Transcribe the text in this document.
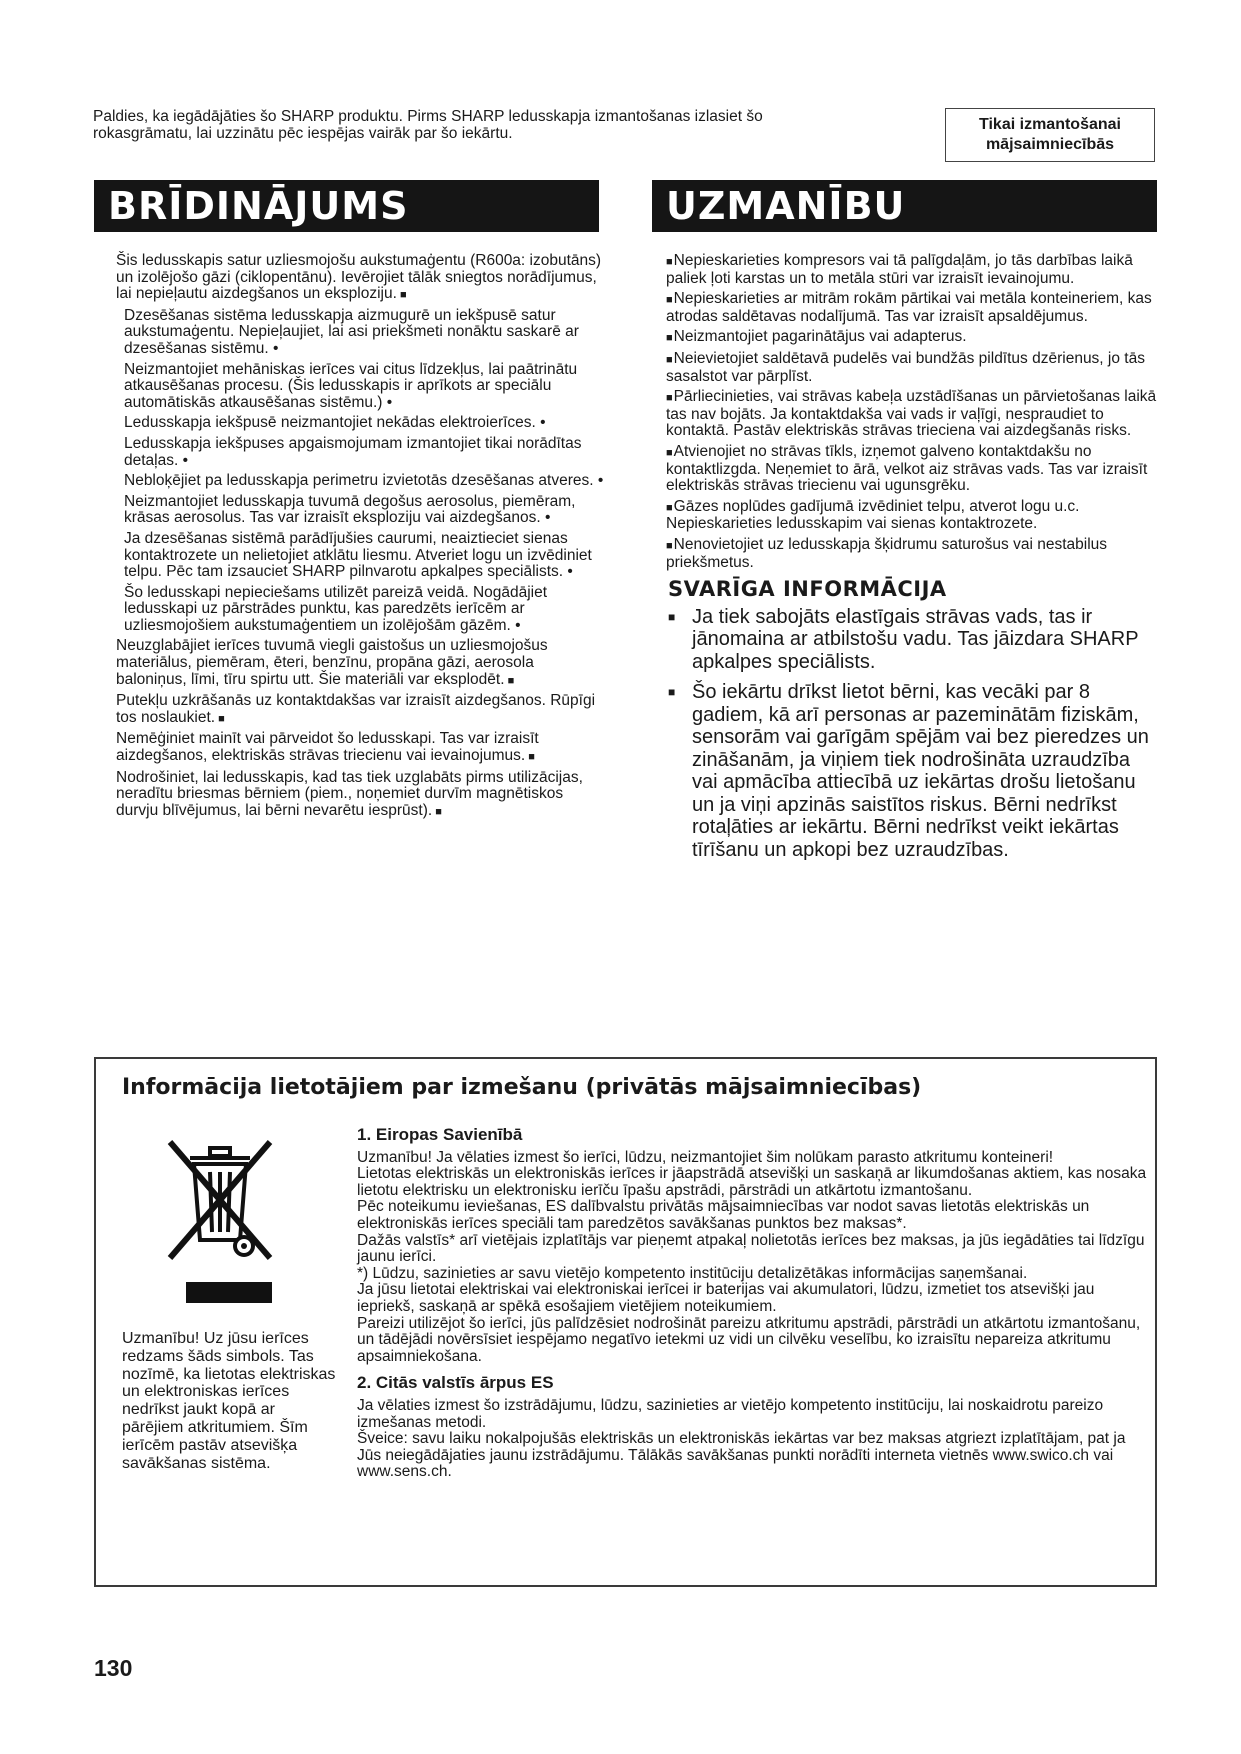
Paldies, ka iegādājāties šo SHARP produktu. Pirms SHARP ledusskapja izmantošanas izlasiet šo
rokasgrāmatu, lai uzzinātu pēc iespējas vairāk par šo iekārtu.
Tikai izmantošanai
mājsaimniecībās
BRĪDINĀJUMS	UZMANĪBU

Šis ledusskapis satur uzliesmojošu aukstumaģentu (R600a: izobutāns) un izolējošo gāzi (ciklopentānu). Ievērojiet tālāk sniegtos norādījumus, lai nepieļautu aizdegšanos un eksploziju. ■

Dzesēšanas sistēma ledusskapja aizmugurē un iekšpusē satur aukstumaģentu. Nepieļaujiet, lai asi priekšmeti nonāktu saskarē ar dzesēšanas sistēmu. •

Neizmantojiet mehāniskas ierīces vai citus līdzekļus, lai paātrinātu atkausēšanas procesu. (Šis ledusskapis ir aprīkots ar speciālu automātiskās atkausēšanas sistēmu.) •

Ledusskapja iekšpusē neizmantojiet nekādas elektroierīces. •

Ledusskapja iekšpuses apgaismojumam izmantojiet tikai norādītas detaļas. •

Nebloķējiet pa ledusskapja perimetru izvietotās dzesēšanas atveres. •

Neizmantojiet ledusskapja tuvumā degošus aerosolus, piemēram, krāsas aerosolus. Tas var izraisīt eksploziju vai aizdegšanos. •

Ja dzesēšanas sistēmā parādījušies caurumi, neaiztieciet sienas kontaktrozete un nelietojiet atklātu liesmu. Atveriet logu un izvēdiniet telpu. Pēc tam izsauciet SHARP pilnvarotu apkalpes speciālists. •

Šo ledusskapi nepieciešams utilizēt pareizā veidā. Nogādājiet ledusskapi uz pārstrādes punktu, kas paredzēts ierīcēm ar uzliesmojošiem aukstumaģentiem un izolējošām gāzēm. •

Neuzglabājiet ierīces tuvumā viegli gaistošus un uzliesmojošus materiālus, piemēram, ēteri, benzīnu, propāna gāzi, aerosola baloniņus, līmi, tīru spirtu utt. Šie materiāli var eksplodēt. ■

Putekļu uzkrāšanās uz kontaktdakšas var izraisīt aizdegšanos. Rūpīgi tos noslaukiet. ■

Nemēģiniet mainīt vai pārveidot šo ledusskapi. Tas var izraisīt aizdegšanos, elektriskās strāvas triecienu vai ievainojumus. ■

Nodrošiniet, lai ledusskapis, kad tas tiek uzglabāts pirms utilizācijas, neradītu briesmas bērniem (piem., noņemiet durvīm magnētiskos durvju blīvējumus, lai bērni nevarētu iesprūst). ■

■ Nepieskarieties kompresors vai tā palīgdaļām, jo tās darbības laikā paliek ļoti karstas un to metāla stūri var izraisīt ievainojumu.

■ Nepieskarieties ar mitrām rokām pārtikai vai metāla konteineriem, kas atrodas saldētavas nodalījumā. Tas var izraisīt apsaldējumus.

■ Neizmantojiet pagarinātājus vai adapterus.

■ Neievietojiet saldētavā pudelēs vai bundžās pildītus dzērienus, jo tās sasalstot var pārplīst.

■ Pārliecinieties, vai strāvas kabeļa uzstādīšanas un pārvietošanas laikā tas nav bojāts. Ja kontaktdakša vai vads ir vaļīgi, nespraudiet to kontaktā. Pastāv elektriskās strāvas trieciena vai aizdegšanās risks.

■ Atvienojiet no strāvas tīkls, izņemot galveno kontaktdakšu no kontaktlizgda. Neņemiet to ārā, velkot aiz strāvas vads. Tas var izraisīt elektriskās strāvas triecienu vai ugunsgrēku.

■ Gāzes noplūdes gadījumā izvēdiniet telpu, atverot logu u.c. Nepieskarieties ledusskapim vai sienas kontaktrozete.

■ Nenovietojiet uz ledusskapja šķidrumu saturošus vai nestabilus priekšmetus.

SVARĪGA INFORMĀCIJA
■ Ja tiek sabojāts elastīgais strāvas vads, tas ir jānomaina ar atbilstošu vadu. Tas jāizdara SHARP apkalpes speciālists.
■ Šo iekārtu drīkst lietot bērni, kas vecāki par 8 gadiem, kā arī personas ar pazeminātām fiziskām, sensorām vai garīgām spējām vai bez pieredzes un zināšanām, ja viņiem tiek nodrošināta uzraudzība vai apmācība attiecībā uz iekārtas drošu lietošanu un ja viņi apzinās saistītos riskus. Bērni nedrīkst rotaļāties ar iekārtu. Bērni nedrīkst veikt iekārtas tīrīšanu un apkopi bez uzraudzības.
Informācija lietotājiem par izmešanu (privātās mājsaimniecības)
Uzmanību! Uz jūsu ierīces redzams šāds simbols. Tas nozīmē, ka lietotas elektriskas un elektroniskas ierīces nedrīkst jaukt kopā ar pārējiem atkritumiem. Šīm ierīcēm pastāv atsevišķa savākšanas sistēma.
1. Eiropas Savienībā

Uzmanību! Ja vēlaties izmest šo ierīci, lūdzu, neizmantojiet šim nolūkam parasto atkritumu konteineri!

Lietotas elektriskās un elektroniskās ierīces ir jāapstrādā atsevišķi un saskaņā ar likumdošanas aktiem, kas nosaka lietotu elektrisku un elektronisku ierīču īpašu apstrādi, pārstrādi un atkārtotu izmantošanu.

Pēc noteikumu ieviešanas, ES dalībvalstu privātās mājsaimniecības var nodot savas lietotās elektriskās un elektroniskās ierīces speciāli tam paredzētos savākšanas punktos bez maksas*.

Dažās valstīs* arī vietējais izplatītājs var pieņemt atpakaļ nolietotās ierīces bez maksas, ja jūs iegādāties tai līdzīgu jaunu ierīci.

*) Lūdzu, sazinieties ar savu vietējo kompetento institūciju detalizētākas informācijas saņemšanai.

Ja jūsu lietotai elektriskai vai elektroniskai ierīcei ir baterijas vai akumulatori, lūdzu, izmetiet tos atsevišķi jau iepriekš, saskaņā ar spēkā esošajiem vietējiem noteikumiem.

Pareizi utilizējot šo ierīci, jūs palīdzēsiet nodrošināt pareizu atkritumu apstrādi, pārstrādi un atkārtotu izmantošanu, un tādējādi novērsīsiet iespējamo negatīvo ietekmi uz vidi un cilvēku veselību, ko izraisītu nepareiza atkritumu apsaimniekošana.

2. Citās valstīs ārpus ES

Ja vēlaties izmest šo izstrādājumu, lūdzu, sazinieties ar vietējo kompetento institūciju, lai noskaidrotu pareizo izmešanas metodi.

Šveice: savu laiku nokalpojušās elektriskās un elektroniskās iekārtas var bez maksas atgriezt izplatītājam, pat ja Jūs neiegādājaties jaunu izstrādājumu. Tālākās savākšanas punkti norādīti interneta vietnēs www.swico.ch vai www.sens.ch.

130
